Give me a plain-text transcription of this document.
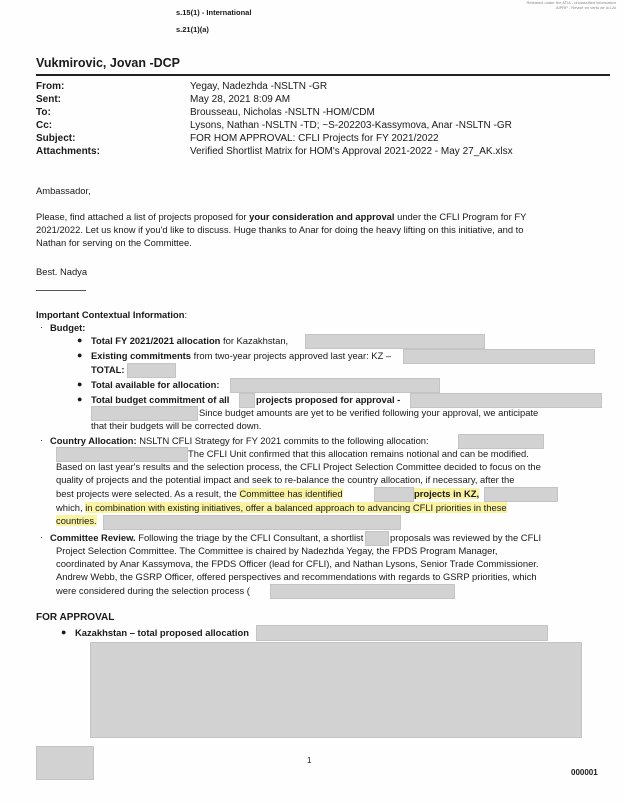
s.15(1) - International
s.21(1)(a)
Released under the ATIA - unclassified information
AIPRP - Révisé en vertu de la LAI
Vukmirovic, Jovan -DCP
From:	Yegay, Nadezhda -NSLTN -GR
Sent:	May 28, 2021 8:09 AM
To:	Brousseau, Nicholas -NSLTN -HOM/CDM
Cc:	Lysons, Nathan -NSLTN -TD; ~S-202203-Kassymova, Anar -NSLTN -GR
Subject:	FOR HOM APPROVAL: CFLI Projects for FY 2021/2022
Attachments:	Verified Shortlist Matrix for HOM's Approval 2021-2022 - May 27_AK.xlsx
Ambassador,
Please, find attached a list of projects proposed for your consideration and approval under the CFLI Program for FY
2021/2022. Let us know if you'd like to discuss. Huge thanks to Anar for doing the heavy lifting on this initiative, and to
Nathan for serving on the Committee.
Best. Nadya
Important Contextual Information:
· Budget:
● Total FY 2021/2021 allocation for Kazakhstan,
● Existing commitments from two-year projects approved last year: KZ –
TOTAL:
● Total available for allocation:
● Total budget commitment of all	projects proposed for approval -
Since budget amounts are yet to be verified following your approval, we anticipate
that their budgets will be corrected down.
· Country Allocation: NSLTN CFLI Strategy for FY 2021 commits to the following allocation:
The CFLI Unit confirmed that this allocation remains notional and can be modified.
Based on last year's results and the selection process, the CFLI Project Selection Committee decided to focus on the
quality of projects and the potential impact and seek to re-balance the country allocation, if necessary, after the
best projects were selected. As a result, the Committee has identified	projects in KZ,
which, in combination with existing initiatives, offer a balanced approach to advancing CFLI priorities in these
countries.
· Committee Review. Following the triage by the CFLI Consultant, a shortlist	proposals was reviewed by the CFLI
Project Selection Committee. The Committee is chaired by Nadezhda Yegay, the FPDS Program Manager,
coordinated by Anar Kassymova, the FPDS Officer (lead for CFLI), and Nathan Lysons, Senior Trade Commissioner.
Andrew Webb, the GSRP Officer, offered perspectives and recommendations with regards to GSRP priorities, which
were considered during the selection process (
FOR APPROVAL
● Kazakhstan – total proposed allocation
1
000001
